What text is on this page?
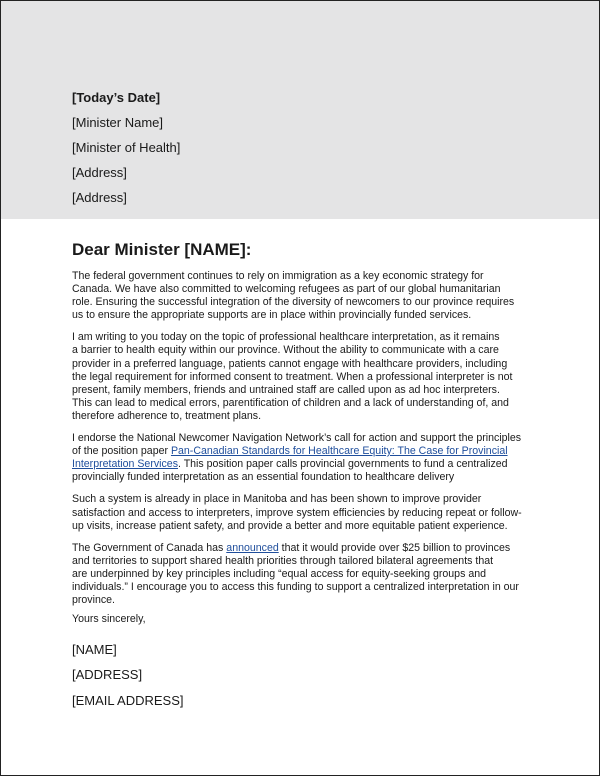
[Today’s Date]
[Minister Name]
[Minister of Health]
[Address]
[Address]
Dear Minister [NAME]:

The federal government continues to rely on immigration as a key economic strategy for
Canada. We have also committed to welcoming refugees as part of our global humanitarian
role. Ensuring the successful integration of the diversity of newcomers to our province requires
us to ensure the appropriate supports are in place within provincially funded services.

I am writing to you today on the topic of professional healthcare interpretation, as it remains
a barrier to health equity within our province. Without the ability to communicate with a care
provider in a preferred language, patients cannot engage with healthcare providers, including
the legal requirement for informed consent to treatment. When a professional interpreter is not
present, family members, friends and untrained staff are called upon as ad hoc interpreters.
This can lead to medical errors, parentification of children and a lack of understanding of, and
therefore adherence to, treatment plans.

I endorse the National Newcomer Navigation Network’s call for action and support the principles
of the position paper Pan-Canadian Standards for Healthcare Equity: The Case for Provincial
Interpretation Services. This position paper calls provincial governments to fund a centralized
provincially funded interpretation as an essential foundation to healthcare delivery

Such a system is already in place in Manitoba and has been shown to improve provider
satisfaction and access to interpreters, improve system efficiencies by reducing repeat or follow-
up visits, increase patient safety, and provide a better and more equitable patient experience.

The Government of Canada has announced that it would provide over $25 billion to provinces
and territories to support shared health priorities through tailored bilateral agreements that
are underpinned by key principles including “equal access for equity-seeking groups and
individuals.” I encourage you to access this funding to support a centralized interpretation in our
province.

Yours sincerely,
[NAME]
[ADDRESS]
[EMAIL ADDRESS]
